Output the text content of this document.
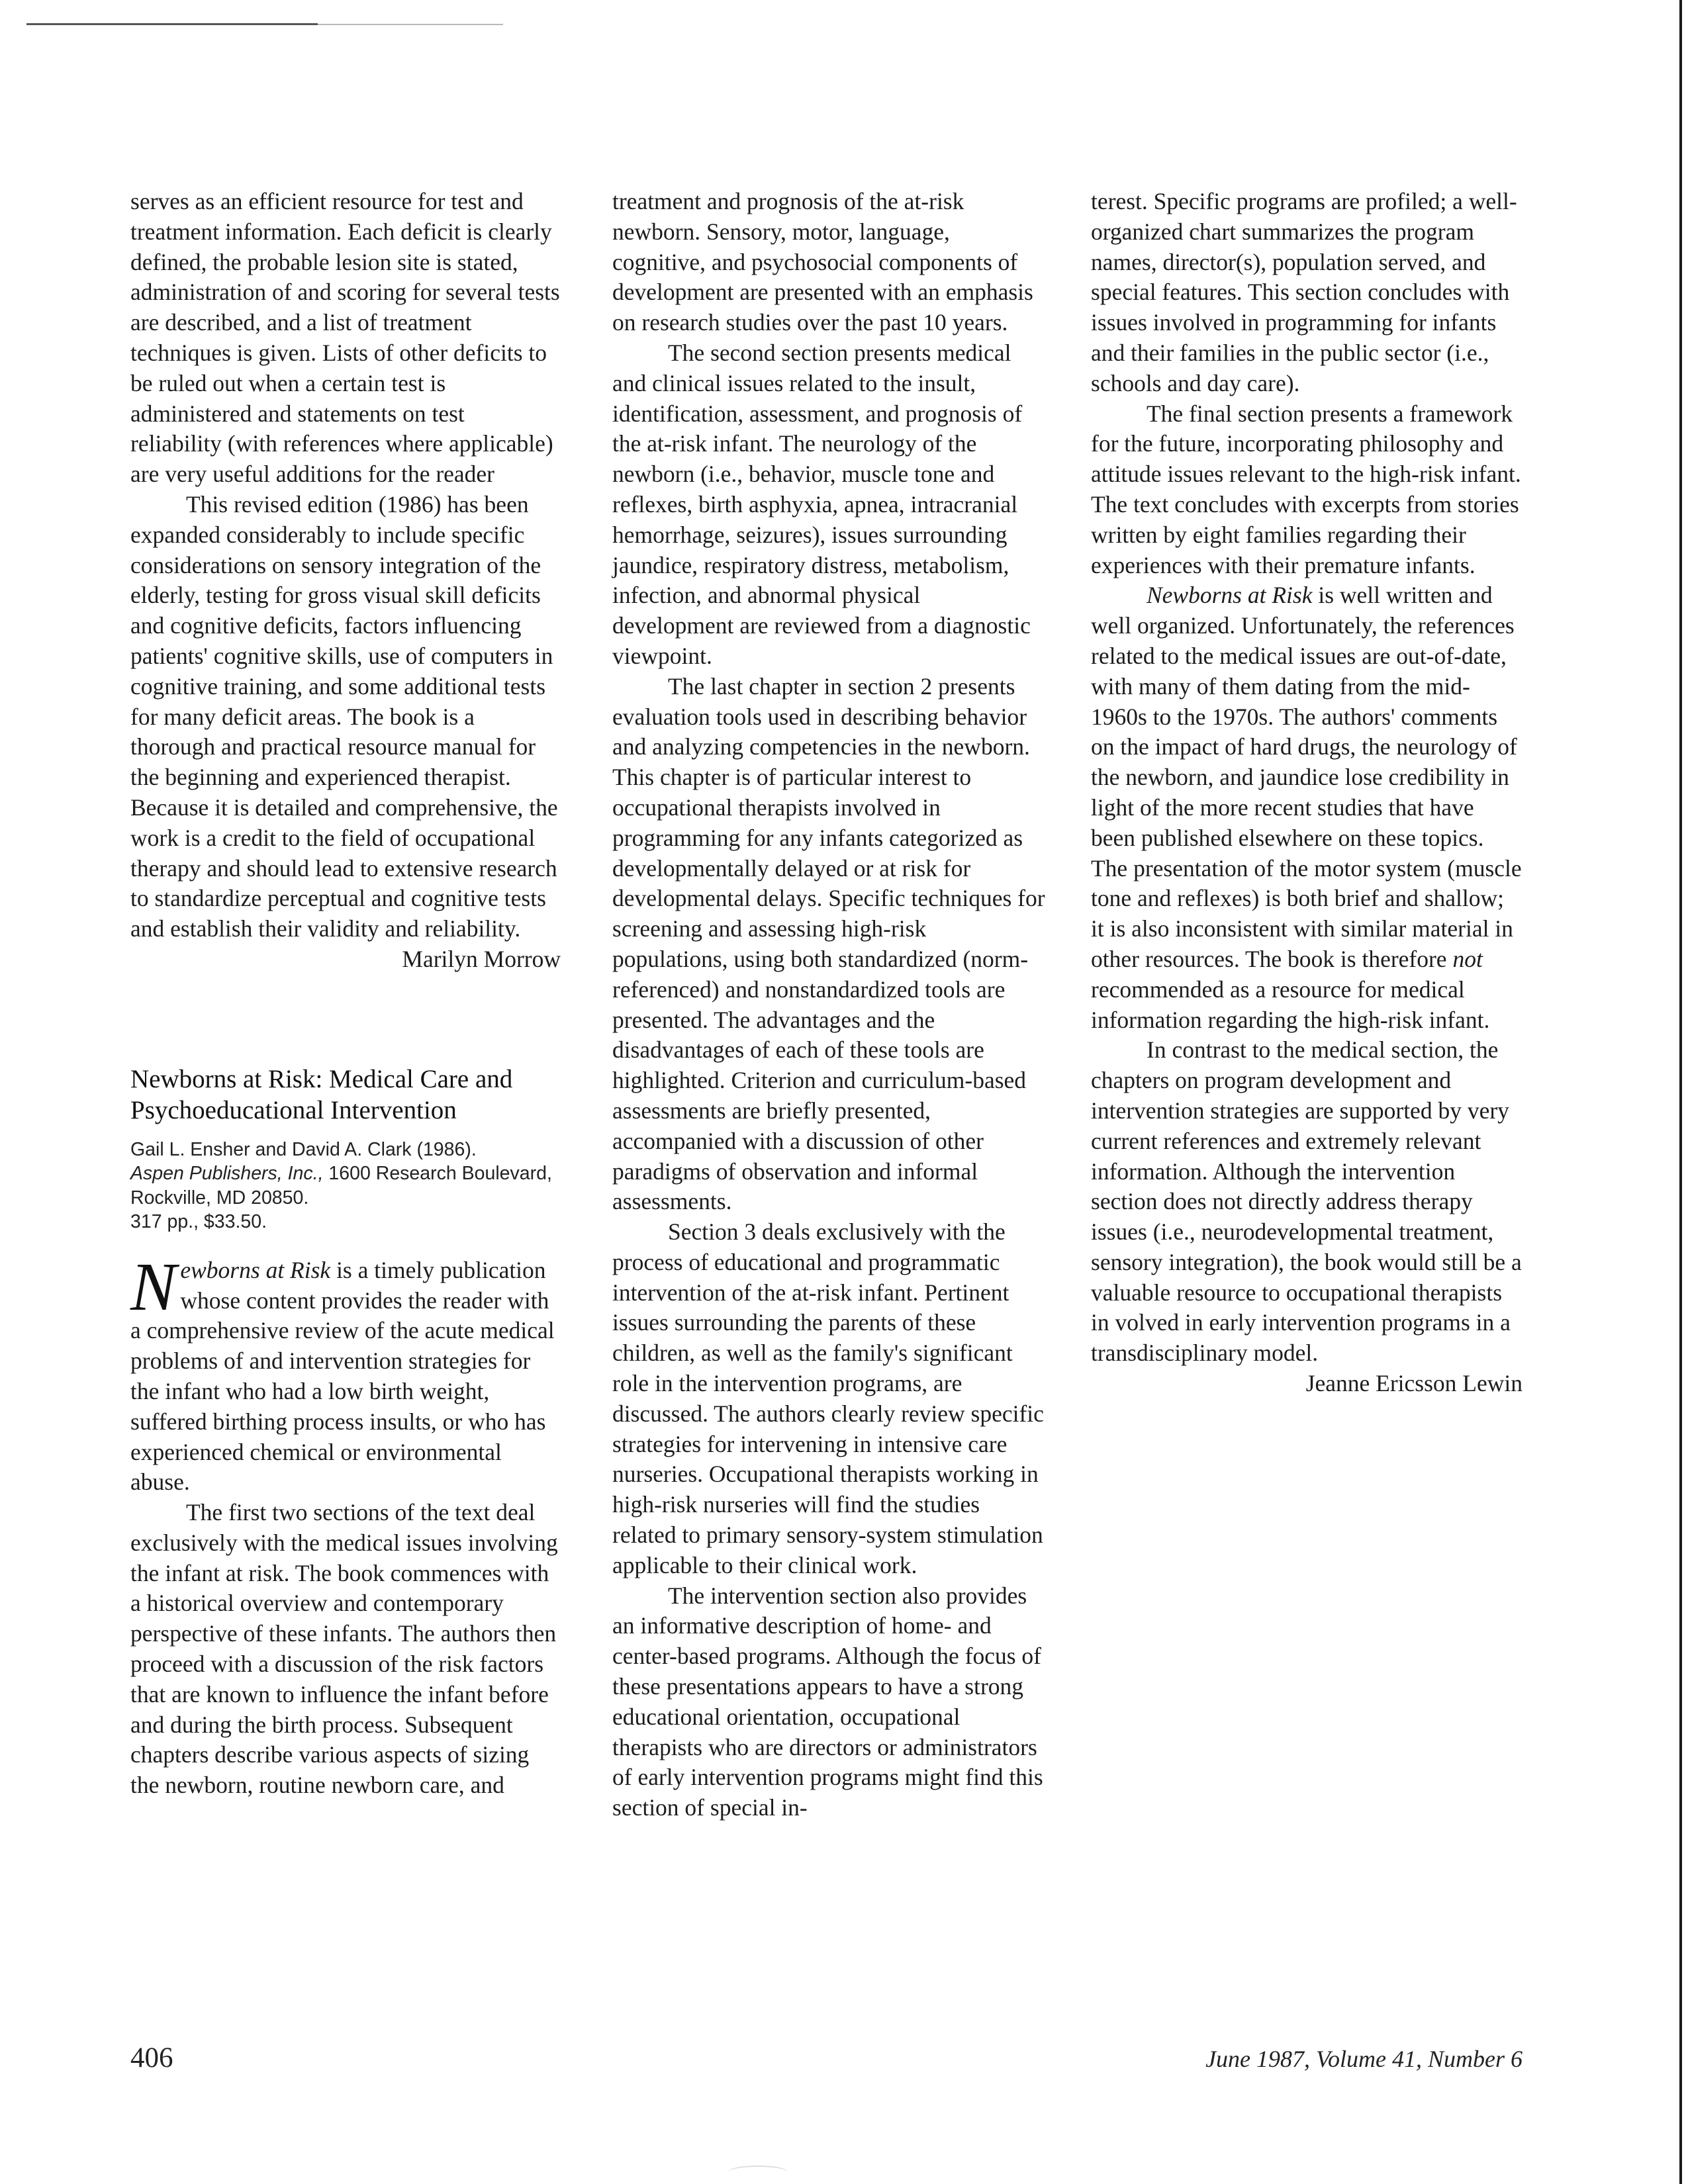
serves as an efficient resource for test and treatment information. Each deficit is clearly defined, the probable lesion site is stated, administration of and scoring for several tests are described, and a list of treatment techniques is given. Lists of other deficits to be ruled out when a certain test is administered and statements on test reliability (with references where applicable) are very useful additions for the reader

This revised edition (1986) has been expanded considerably to include specific considerations on sensory integration of the elderly, testing for gross visual skill deficits and cognitive deficits, factors influencing patients' cognitive skills, use of computers in cognitive training, and some additional tests for many deficit areas. The book is a thorough and practical resource manual for the beginning and experienced therapist. Because it is detailed and comprehensive, the work is a credit to the field of occupational therapy and should lead to extensive research to standardize perceptual and cognitive tests and establish their validity and reliability.

Marilyn Morrow

Newborns at Risk: Medical Care and Psychoeducational Intervention
Gail L. Ensher and David A. Clark (1986).
Aspen Publishers, Inc., 1600 Research Boulevard, Rockville, MD 20850.
317 pp., $33.50.

Newborns at Risk is a timely publication whose content provides the reader with a comprehensive review of the acute medical problems of and intervention strategies for the infant who had a low birth weight, suffered birthing process insults, or who has experienced chemical or environmental abuse.

The first two sections of the text deal exclusively with the medical issues involving the infant at risk. The book commences with a historical overview and contemporary perspective of these infants. The authors then proceed with a discussion of the risk factors that are known to influence the infant before and during the birth process. Subsequent chapters describe various aspects of sizing the newborn, routine newborn care, and

treatment and prognosis of the at-risk newborn. Sensory, motor, language, cognitive, and psychosocial components of development are presented with an emphasis on research studies over the past 10 years.

The second section presents medical and clinical issues related to the insult, identification, assessment, and prognosis of the at-risk infant. The neurology of the newborn (i.e., behavior, muscle tone and reflexes, birth asphyxia, apnea, intracranial hemorrhage, seizures), issues surrounding jaundice, respiratory distress, metabolism, infection, and abnormal physical development are reviewed from a diagnostic viewpoint.

The last chapter in section 2 presents evaluation tools used in describing behavior and analyzing competencies in the newborn. This chapter is of particular interest to occupational therapists involved in programming for any infants categorized as developmentally delayed or at risk for developmental delays. Specific techniques for screening and assessing high-risk populations, using both standardized (norm-referenced) and nonstandardized tools are presented. The advantages and the disadvantages of each of these tools are highlighted. Criterion and curriculum-based assessments are briefly presented, accompanied with a discussion of other paradigms of observation and informal assessments.

Section 3 deals exclusively with the process of educational and programmatic intervention of the at-risk infant. Pertinent issues surrounding the parents of these children, as well as the family's significant role in the intervention programs, are discussed. The authors clearly review specific strategies for intervening in intensive care nurseries. Occupational therapists working in high-risk nurseries will find the studies related to primary sensory-system stimulation applicable to their clinical work.

The intervention section also provides an informative description of home- and center-based programs. Although the focus of these presentations appears to have a strong educational orientation, occupational therapists who are directors or administrators of early intervention programs might find this section of special in-

terest. Specific programs are profiled; a well-organized chart summarizes the program names, director(s), population served, and special features. This section concludes with issues involved in programming for infants and their families in the public sector (i.e., schools and day care).

The final section presents a framework for the future, incorporating philosophy and attitude issues relevant to the high-risk infant. The text concludes with excerpts from stories written by eight families regarding their experiences with their premature infants.

Newborns at Risk is well written and well organized. Unfortunately, the references related to the medical issues are out-of-date, with many of them dating from the mid-1960s to the 1970s. The authors' comments on the impact of hard drugs, the neurology of the newborn, and jaundice lose credibility in light of the more recent studies that have been published elsewhere on these topics. The presentation of the motor system (muscle tone and reflexes) is both brief and shallow; it is also inconsistent with similar material in other resources. The book is therefore not recommended as a resource for medical information regarding the high-risk infant.

In contrast to the medical section, the chapters on program development and intervention strategies are supported by very current references and extremely relevant information. Although the intervention section does not directly address therapy issues (i.e., neurodevelopmental treatment, sensory integration), the book would still be a valuable resource to occupational therapists in volved in early intervention programs in a transdisciplinary model.

Jeanne Ericsson Lewin

406	June 1987, Volume 41, Number 6
